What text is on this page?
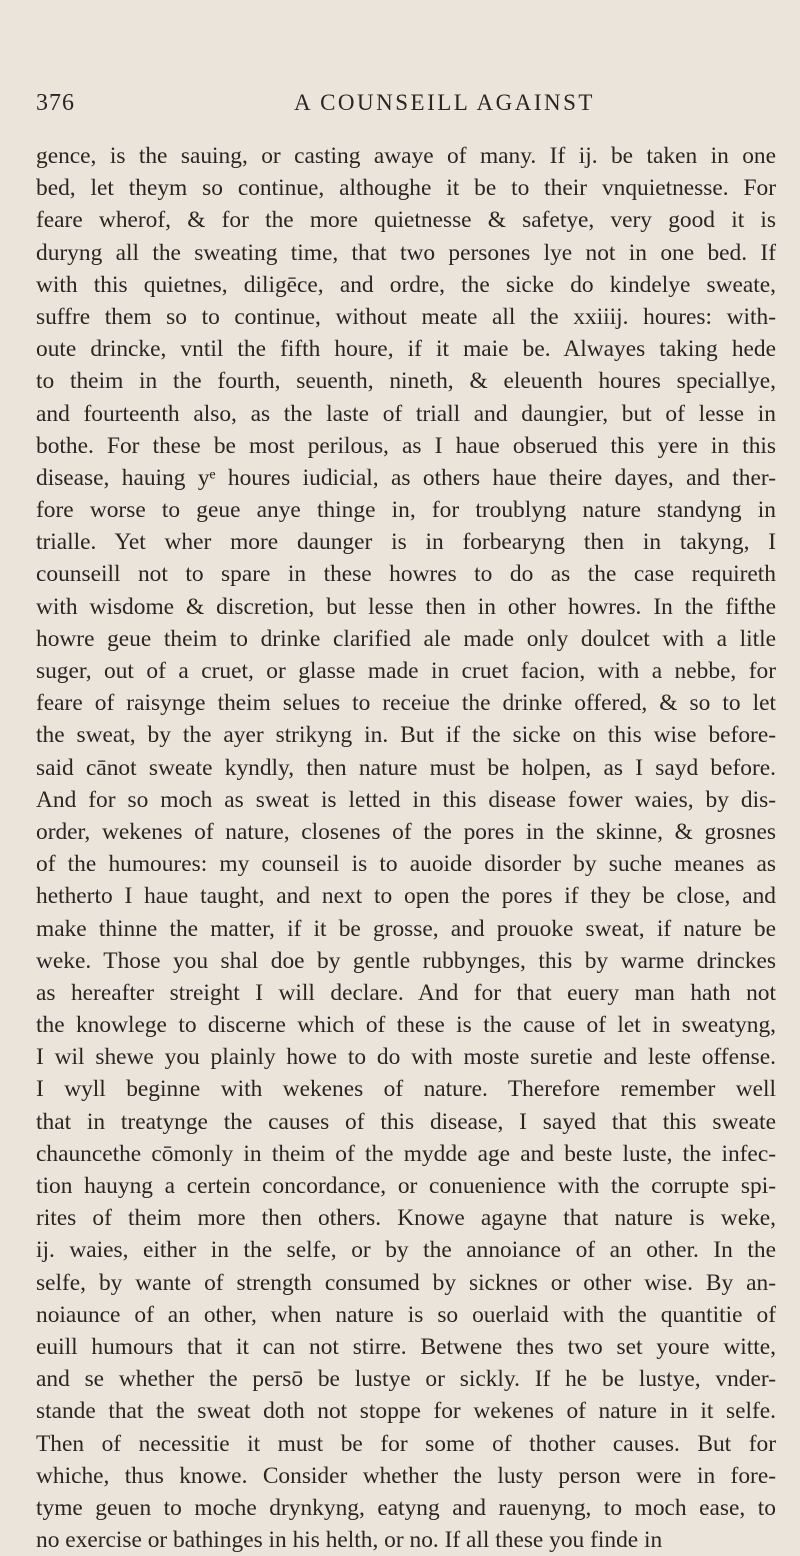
376	A COUNSEILL AGAINST
gence, is the sauing, or casting awaye of many. If ij. be taken in one
bed, let theym so continue, althoughe it be to their vnquietnesse. For
feare wherof, & for the more quietnesse & safetye, very good it is
duryng all the sweating time, that two persones lye not in one bed. If
with this quietnes, diligēce, and ordre, the sicke do kindelye sweate,
suffre them so to continue, without meate all the xxiiij. houres: with-
oute drincke, vntil the fifth houre, if it maie be. Alwayes taking hede
to theim in the fourth, seuenth, nineth, & eleuenth houres speciallye,
and fourteenth also, as the laste of triall and daungier, but of lesse in
bothe. For these be most perilous, as I haue obserued this yere in this
disease, hauing yᵉ houres iudicial, as others haue theire dayes, and ther-
fore worse to geue anye thinge in, for troublyng nature standyng in
trialle. Yet wher more daunger is in forbearyng then in takyng, I
counseill not to spare in these howres to do as the case requireth
with wisdome & discretion, but lesse then in other howres. In the fifthe
howre geue theim to drinke clarified ale made only doulcet with a litle
suger, out of a cruet, or glasse made in cruet facion, with a nebbe, for
feare of raisynge theim selues to receiue the drinke offered, & so to let
the sweat, by the ayer strikyng in. But if the sicke on this wise before-
said cānot sweate kyndly, then nature must be holpen, as I sayd before.
And for so moch as sweat is letted in this disease fower waies, by dis-
order, wekenes of nature, closenes of the pores in the skinne, & grosnes
of the humoures: my counseil is to auoide disorder by suche meanes as
hetherto I haue taught, and next to open the pores if they be close, and
make thinne the matter, if it be grosse, and prouoke sweat, if nature be
weke. Those you shal doe by gentle rubbynges, this by warme drinckes
as hereafter streight I will declare. And for that euery man hath not
the knowlege to discerne which of these is the cause of let in sweatyng,
I wil shewe you plainly howe to do with moste suretie and leste offense.
I wyll beginne with wekenes of nature. Therefore remember well
that in treatynge the causes of this disease, I sayed that this sweate
chauncethe cōmonly in theim of the mydde age and beste luste, the infec-
tion hauyng a certein concordance, or conuenience with the corrupte spi-
rites of theim more then others. Knowe agayne that nature is weke,
ij. waies, either in the selfe, or by the annoiance of an other. In the
selfe, by wante of strength consumed by sicknes or other wise. By an-
noiaunce of an other, when nature is so ouerlaid with the quantitie of
euill humours that it can not stirre. Betwene thes two set youre witte,
and se whether the persō be lustye or sickly. If he be lustye, vnder-
stande that the sweat doth not stoppe for wekenes of nature in it selfe.
Then of necessitie it must be for some of thother causes. But for
whiche, thus knowe. Consider whether the lusty person were in fore-
tyme geuen to moche drynkyng, eatyng and rauenyng, to moch ease, to
no exercise or bathinges in his helth, or no. If all these you finde in
